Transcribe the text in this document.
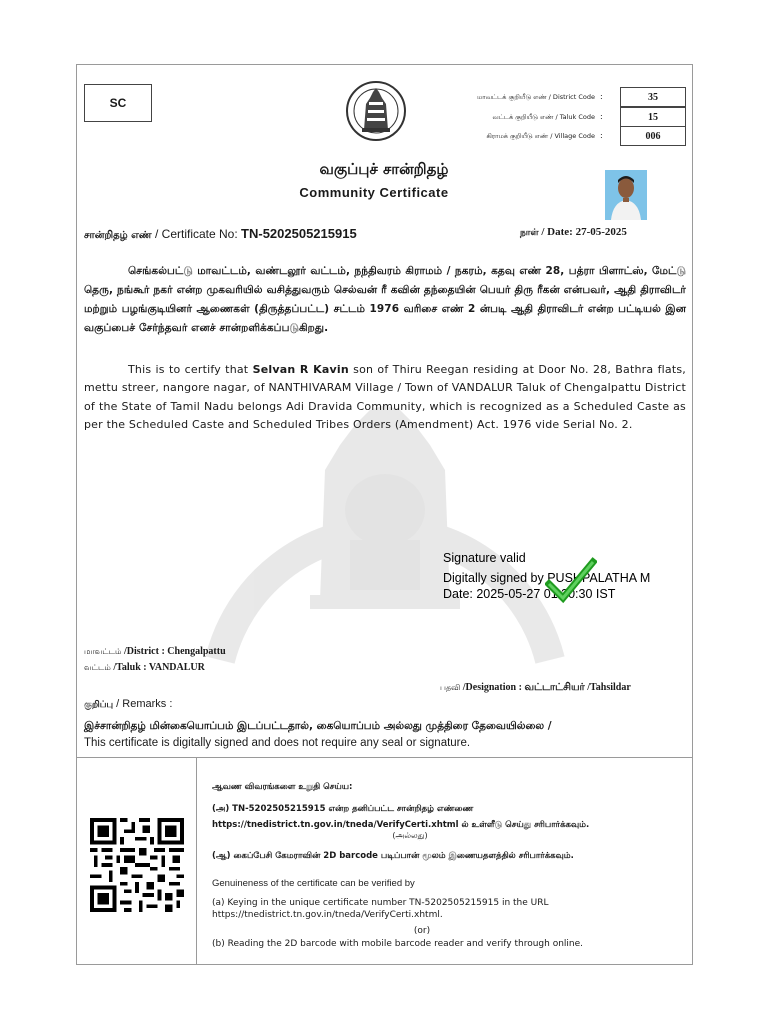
SC	மாவட்டக் குறியீடு எண் / District Code :	35
வட்டக் குறியீடு எண் / Taluk Code :	15
கிராமக் குறியீடு எண் / Village Code :	006
வகுப்புச் சான்றிதழ்
Community Certificate
சான்றிதழ் எண் / Certificate No: TN-5202505215915	நாள் / Date: 27-05-2025
செங்கல்பட்டு மாவட்டம், வண்டலூர் வட்டம், நந்திவரம் கிராமம் / நகரம், கதவு எண் 28, பத்ரா பிளாட்ஸ், மேட்டு தெரு, நங்கூர் நகர் என்ற முகவரியில் வசித்துவரும் செல்வன் ரீ கவின் தந்தையின் பெயர் திரு ரீகன் என்பவர், ஆதி திராவிடர் மற்றும் பழங்குடியினர் ஆணைகள் (திருத்தப்பட்ட) சட்டம் 1976 வரிசை எண் 2 ன்படி ஆதி திராவிடர் என்ற பட்டியல் இன வகுப்பைச் சேர்ந்தவர் எனச் சான்றளிக்கப்படுகிறது.
This is to certify that Selvan R Kavin son of Thiru Reegan residing at Door No. 28, Bathra flats, mettu streer, nangore nagar, of NANTHIVARAM Village / Town of VANDALUR Taluk of Chengalpattu District of the State of Tamil Nadu belongs Adi Dravida Community, which is recognized as a Scheduled Caste as per the Scheduled Caste and Scheduled Tribes Orders (Amendment) Act. 1976 vide Serial No. 2.
Signature valid
Digitally signed by PUSHPALATHA M
Date: 2025-05-27 01:30:30 IST
மாவட்டம் /District : Chengalpattu
வட்டம் /Taluk : VANDALUR
பதவி /Designation : வட்டாட்சியர் /Tahsildar
குறிப்பு / Remarks :
இச்சான்றிதழ் மின்கையொப்பம் இடப்பட்டதால், கையொப்பம் அல்லது முத்திரை தேவையில்லை /
This certificate is digitally signed and does not require any seal or signature.
ஆவண விவரங்களை உறுதி செய்ய:
(அ) TN-5202505215915 என்ற தனிப்பட்ட சான்றிதழ் எண்ணை https://tnedistrict.tn.gov.in/tneda/VerifyCerti.xhtml ல் உள்ளீடு செய்து சரிபார்க்கவும்.
(அல்லது)
(ஆ) கைப்பேசி கேமராவின் 2D barcode படிப்பான் மூலம் இணையதளத்தில் சரிபார்க்கவும்.
Genuineness of the certificate can be verified by
(a) Keying in the unique certificate number TN-5202505215915 in the URL https://tnedistrict.tn.gov.in/tneda/VerifyCerti.xhtml.
(or)
(b) Reading the 2D barcode with mobile barcode reader and verify through online.
